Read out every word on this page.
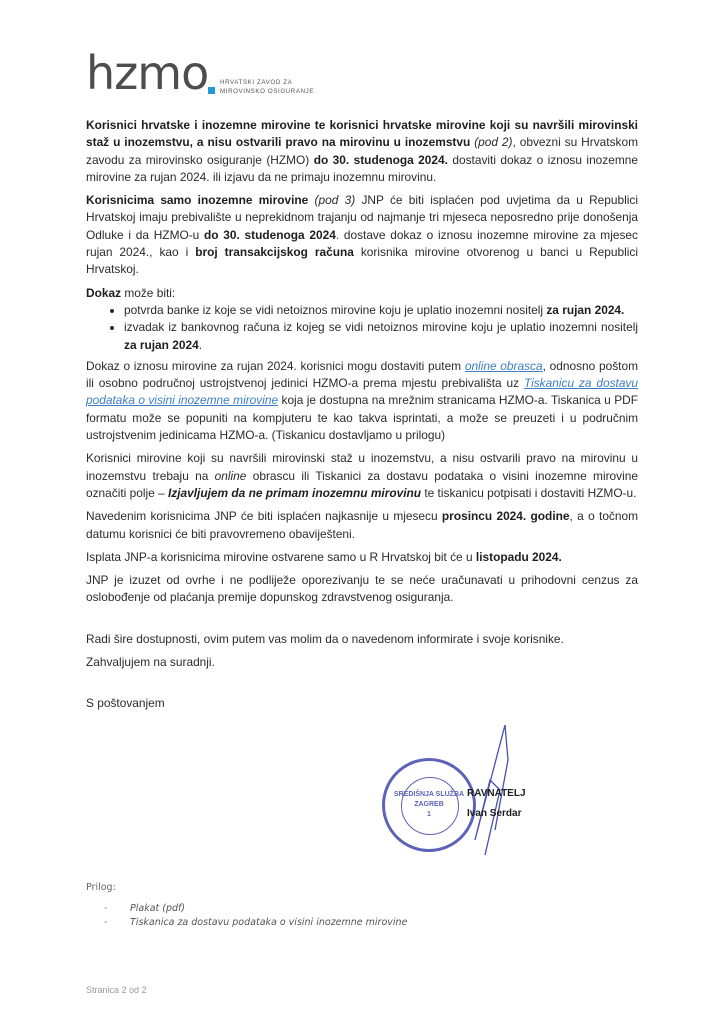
hzmo HRVATSKI ZAVOD ZA
MIROVINSKO OSIGURANJE

Korisnici hrvatske i inozemne mirovine te korisnici hrvatske mirovine koji su navršili mirovinski staž u inozemstvu, a nisu ostvarili pravo na mirovinu u inozemstvu (pod 2), obvezni su Hrvatskom zavodu za mirovinsko osiguranje (HZMO) do 30. studenoga 2024. dostaviti dokaz o iznosu inozemne mirovine za rujan 2024. ili izjavu da ne primaju inozemnu mirovinu.

Korisnicima samo inozemne mirovine (pod 3) JNP će biti isplaćen pod uvjetima da u Republici Hrvatskoj imaju prebivalište u neprekidnom trajanju od najmanje tri mjeseca neposredno prije donošenja Odluke i da HZMO-u do 30. studenoga 2024. dostave dokaz o iznosu inozemne mirovine za mjesec rujan 2024., kao i broj transakcijskog računa korisnika mirovine otvorenog u banci u Republici Hrvatskoj.

Dokaz može biti:

• potvrda banke iz koje se vidi netoiznos mirovine koju je uplatio inozemni nositelj za rujan 2024.
• izvadak iz bankovnog računa iz kojeg se vidi netoiznos mirovine koju je uplatio inozemni nositelj za rujan 2024.

Dokaz o iznosu mirovine za rujan 2024. korisnici mogu dostaviti putem online obrasca, odnosno poštom ili osobno područnoj ustrojstvenoj jedinici HZMO-a prema mjestu prebivališta uz Tiskanicu za dostavu podataka o visini inozemne mirovine koja je dostupna na mrežnim stranicama HZMO-a. Tiskanica u PDF formatu može se popuniti na kompjuteru te kao takva isprintati, a može se preuzeti i u područnim ustrojstvenim jedinicama HZMO-a. (Tiskanicu dostavljamo u prilogu)

Korisnici mirovine koji su navršili mirovinski staž u inozemstvu, a nisu ostvarili pravo na mirovinu u inozemstvu trebaju na online obrascu ili Tiskanici za dostavu podataka o visini inozemne mirovine označiti polje – Izjavljujem da ne primam inozemnu mirovinu te tiskanicu potpisati i dostaviti HZMO-u.

Navedenim korisnicima JNP će biti isplaćen najkasnije u mjesecu prosincu 2024. godine, a o točnom datumu korisnici će biti pravovremeno obaviješteni.

Isplata JNP-a korisnicima mirovine ostvarene samo u R Hrvatskoj bit će u listopadu 2024.

JNP je izuzet od ovrhe i ne podliježe oporezivanju te se neće uračunavati u prihodovni cenzus za oslobođenje od plaćanja premije dopunskog zdravstvenog osiguranja.

Radi šire dostupnosti, ovim putem vas molim da o navedenom informirate i svoje korisnike.

Zahvaljujem na suradnji.

S poštovanjem

SREDIŠNJA SLUŽBA
ZAGREB
1
RAVNATELJ
Ivan Serdar
Prilog:
- Plakat (pdf)
- Tiskanica za dostavu podataka o visini inozemne mirovine
Stranica 2 od 2
